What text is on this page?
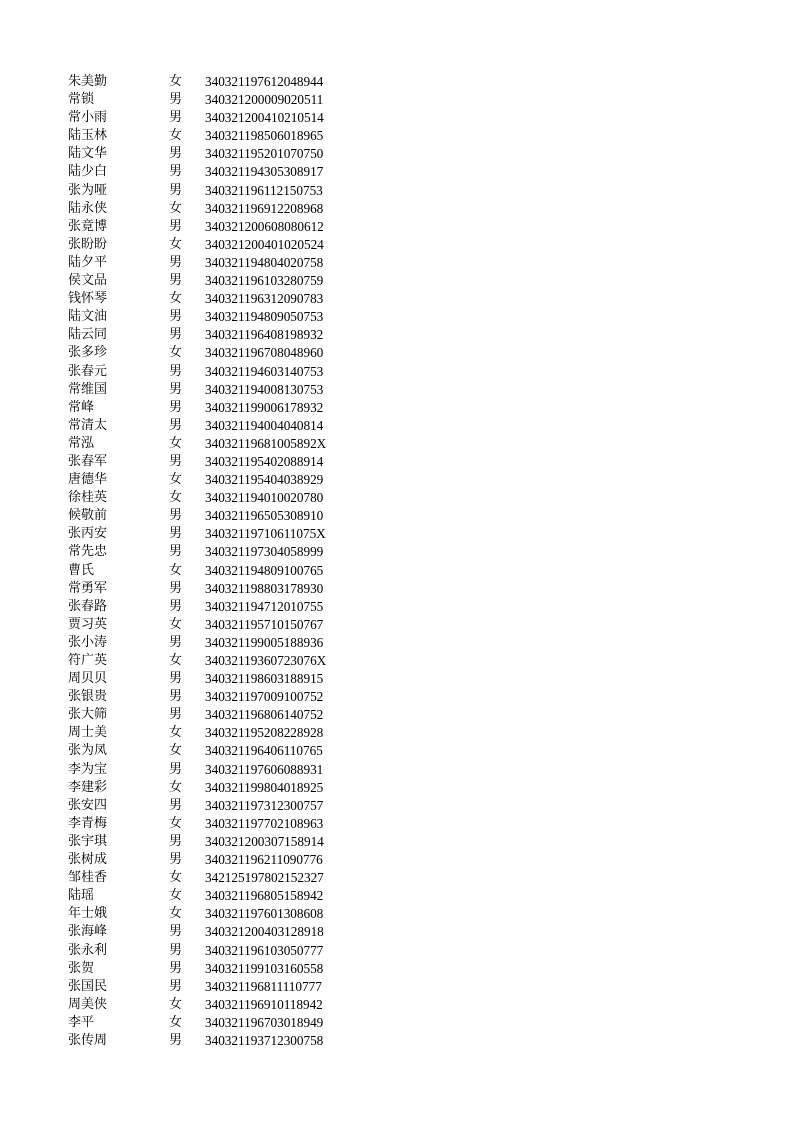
朱美勤	女	340321197612048944
常锁	男	340321200009020511
常小雨	男	340321200410210514
陆玉林	女	340321198506018965
陆文华	男	340321195201070750
陆少白	男	340321194305308917
张为哑	男	340321196112150753
陆永侠	女	340321196912208968
张竟博	男	340321200608080612
张盼盼	女	340321200401020524
陆夕平	男	340321194804020758
侯文品	男	340321196103280759
钱怀琴	女	340321196312090783
陆文油	男	340321194809050753
陆云同	男	340321196408198932
张多珍	女	340321196708048960
张春元	男	340321194603140753
常维国	男	340321194008130753
常峰	男	340321199006178932
常清太	男	340321194004040814
常泓	女	34032119681005892X
张春军	男	340321195402088914
唐德华	女	340321195404038929
徐桂英	女	340321194010020780
候敬前	男	340321196505308910
张丙安	男	34032119710611075X
常先忠	男	340321197304058999
曹氏	女	340321194809100765
常勇军	男	340321198803178930
张春路	男	340321194712010755
贾习英	女	340321195710150767
张小涛	男	340321199005188936
符广英	女	34032119360723076X
周贝贝	男	340321198603188915
张银贵	男	340321197009100752
张大筛	男	340321196806140752
周士美	女	340321195208228928
张为凤	女	340321196406110765
李为宝	男	340321197606088931
李建彩	女	340321199804018925
张安四	男	340321197312300757
李青梅	女	340321197702108963
张宇琪	男	340321200307158914
张树成	男	340321196211090776
邹桂香	女	342125197802152327
陆瑶	女	340321196805158942
年士娥	女	340321197601308608
张海峰	男	340321200403128918
张永利	男	340321196103050777
张贺	男	340321199103160558
张国民	男	340321196811110777
周美侠	女	340321196910118942
李平	女	340321196703018949
张传周	男	340321193712300758
